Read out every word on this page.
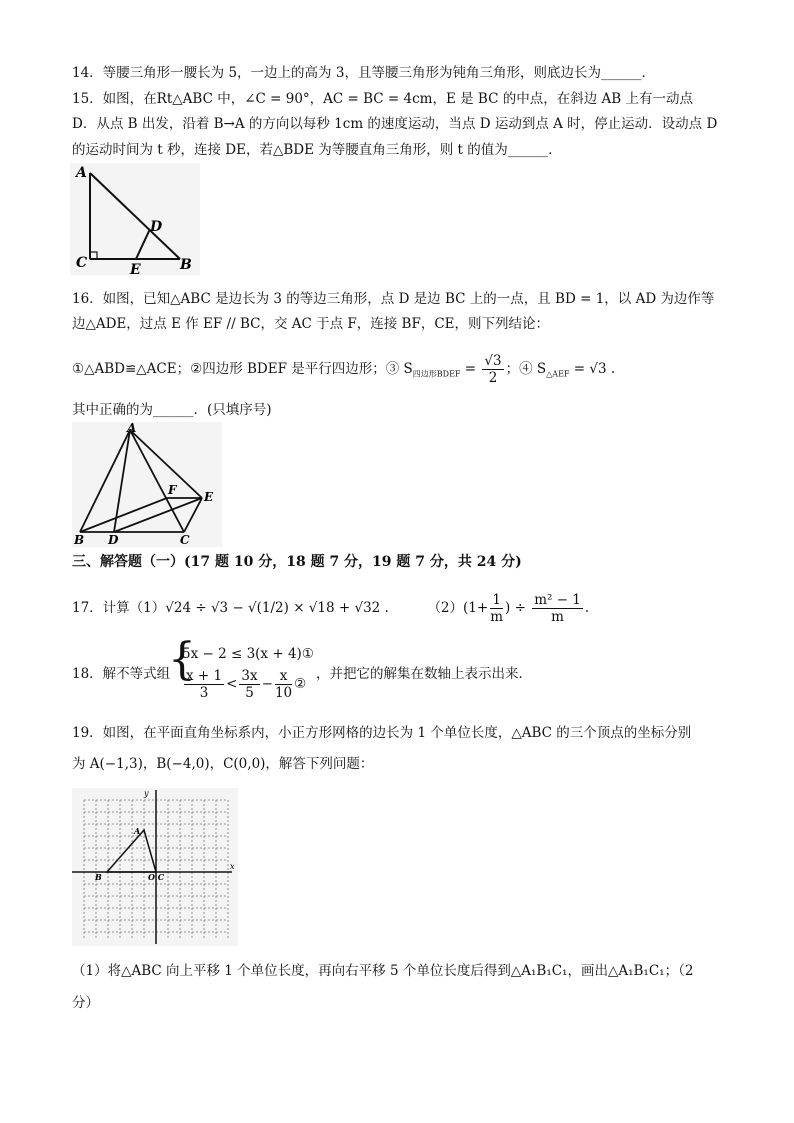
14．等腰三角形一腰长为 5，一边上的高为 3，且等腰三角形为钝角三角形，则底边长为______．
15．如图，在Rt△ABC 中，∠C = 90°，AC = BC = 4cm，E 是 BC 的中点，在斜边 AB 上有一动点
D．从点 B 出发，沿着 B→A 的方向以每秒 1cm 的速度运动，当点 D 运动到点 A 时，停止运动．设动点 D
的运动时间为 t 秒，连接 DE，若△BDE 为等腰直角三角形，则 t 的值为______．
A
C
D
E	B
16．如图，已知△ABC 是边长为 3 的等边三角形，点 D 是边 BC 上的一点，且 BD = 1，以 AD 为边作等
边△ADE，过点 E 作 EF // BC，交 AC 于点 F，连接 BF，CE，则下列结论：
①△ABD≌△ACE；②四边形 BDEF 是平行四边形；③ $S_{四边形BDEF} = \frac{√3}{2}$ ；④ $S_{\triangle AEF} = √3$ .
其中正确的为______．(只填序号)
A
F E
B D	C
三、解答题（一）(17 题 10 分，18 题 7 分，19 题 7 分，共 24 分)
17．计算（1）√24 ÷ √3 − √(1/2) × √18 + √32 .	$(2)(1+ \frac{1}{m}$ ) ÷ $\frac{\text{m² − 1}}{m}$ .
18．解不等式组
{
5x − 2 ≤ 3(x + 4)①
$\frac{x + 1}{3} < \frac{3x}{5} - \frac{x}{10}$ ②
，并把它的解集在数轴上表示出来．
19．如图，在平面直角坐标系内，小正方形网格的边长为 1 个单位长度，△ABC 的三个顶点的坐标分别
为 A(−1,3)，B(−4,0)，C(0,0)，解答下列问题：
y
x
A
B	O C
（1）将△ABC 向上平移 1 个单位长度，再向右平移 5 个单位长度后得到△A₁B₁C₁，画出△A₁B₁C₁；（2
分）
